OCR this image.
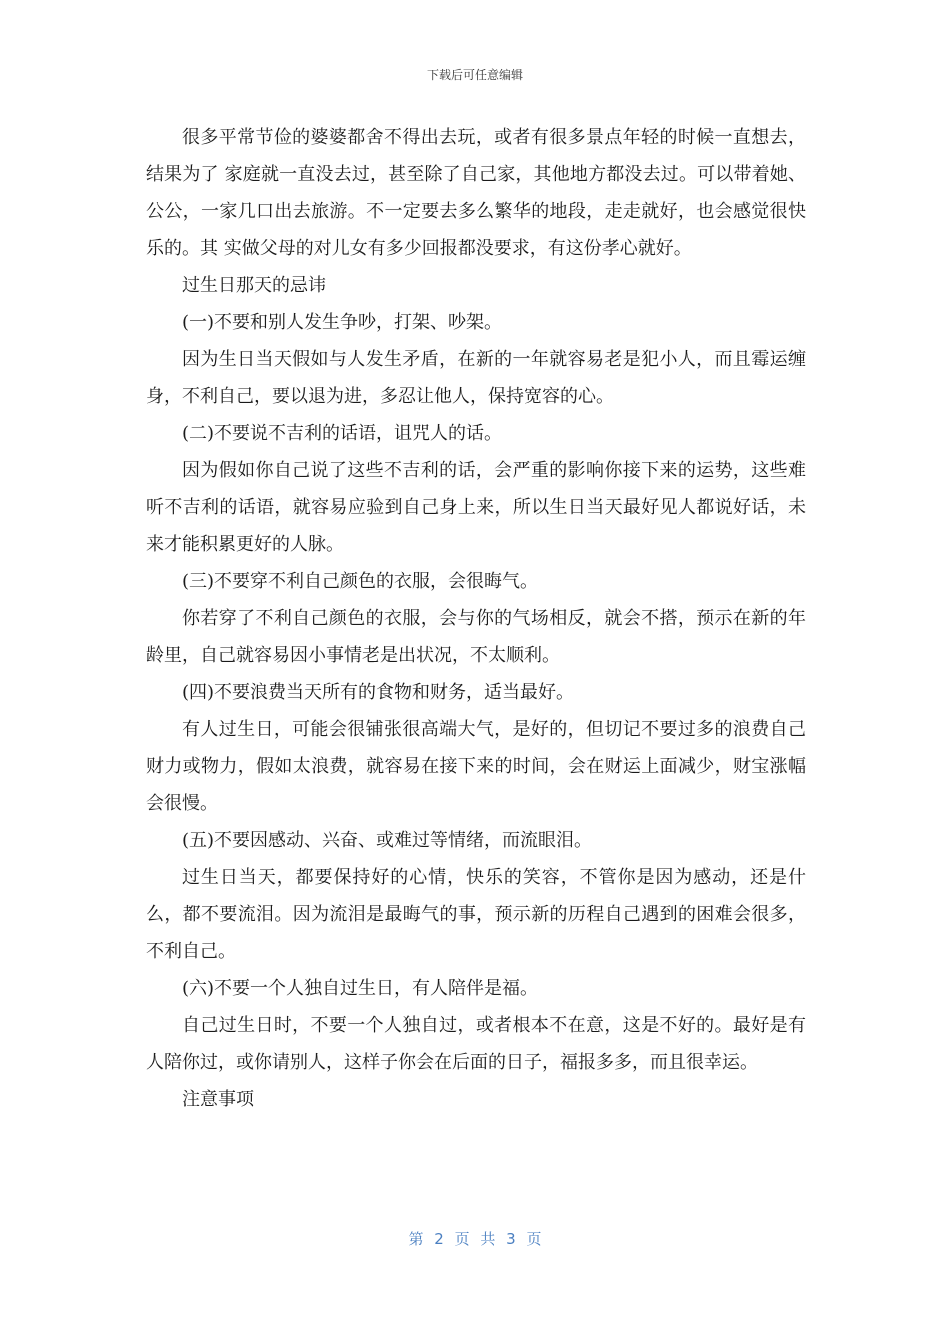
下载后可任意编辑

很多平常节俭的婆婆都舍不得出去玩，或者有很多景点年轻的时候一直想去，结果为了 家庭就一直没去过，甚至除了自己家，其他地方都没去过。可以带着她、公公，一家几口出去旅游。不一定要去多么繁华的地段，走走就好，也会感觉很快乐的。其 实做父母的对儿女有多少回报都没要求，有这份孝心就好。

过生日那天的忌讳

(一)不要和别人发生争吵，打架、吵架。

因为生日当天假如与人发生矛盾，在新的一年就容易老是犯小人，而且霉运缠身，不利自己，要以退为进，多忍让他人，保持宽容的心。

(二)不要说不吉利的话语，诅咒人的话。

因为假如你自己说了这些不吉利的话，会严重的影响你接下来的运势，这些难听不吉利的话语，就容易应验到自己身上来，所以生日当天最好见人都说好话，未来才能积累更好的人脉。

(三)不要穿不利自己颜色的衣服，会很晦气。

你若穿了不利自己颜色的衣服，会与你的气场相反，就会不搭，预示在新的年龄里，自己就容易因小事情老是出状况，不太顺利。

(四)不要浪费当天所有的食物和财务，适当最好。

有人过生日，可能会很铺张很高端大气，是好的，但切记不要过多的浪费自己财力或物力，假如太浪费，就容易在接下来的时间，会在财运上面减少，财宝涨幅会很慢。

(五)不要因感动、兴奋、或难过等情绪，而流眼泪。

过生日当天，都要保持好的心情，快乐的笑容，不管你是因为感动，还是什么，都不要流泪。因为流泪是最晦气的事，预示新的历程自己遇到的困难会很多，不利自己。

(六)不要一个人独自过生日，有人陪伴是福。

自己过生日时，不要一个人独自过，或者根本不在意，这是不好的。最好是有人陪你过，或你请别人，这样子你会在后面的日子，福报多多，而且很幸运。

注意事项

第 2 页 共 3 页
